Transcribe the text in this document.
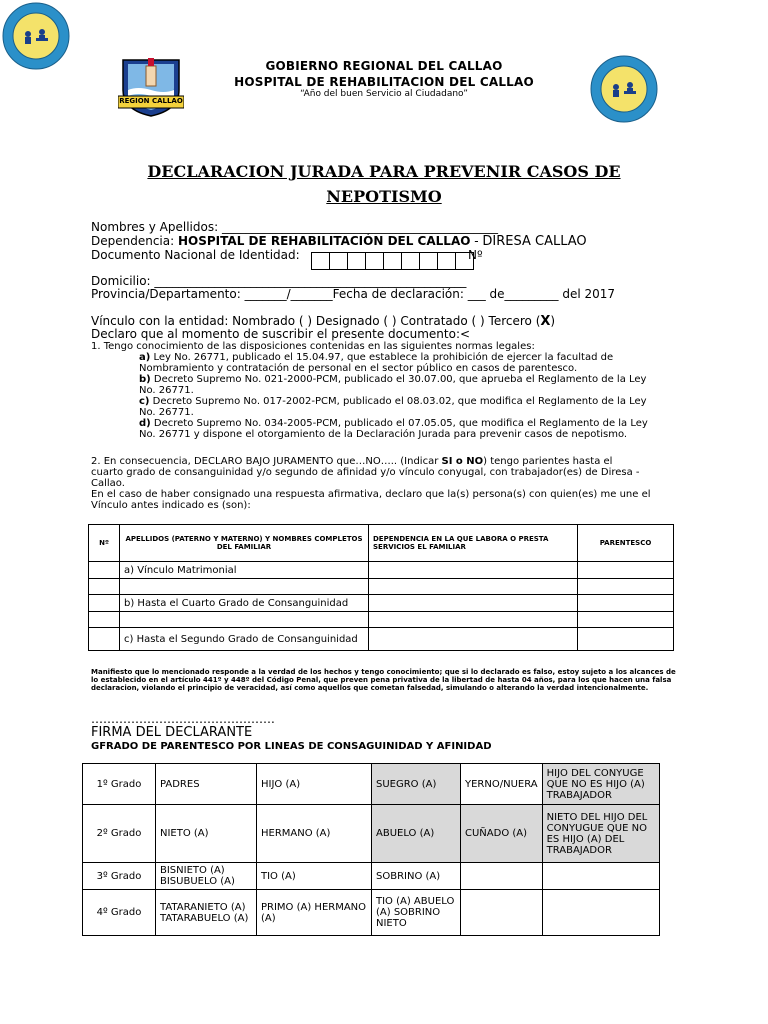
REGION CALLAO
GOBIERNO REGIONAL DEL CALLAO
HOSPITAL DE REHABILITACION DEL CALLAO
“Año del buen Servicio al Ciudadano”
DECLARACION JURADA PARA PREVENIR CASOS DE
NEPOTISMO
Nombres y Apellidos: ______________________________________________
Dependencia: HOSPITAL DE REHABILITACIÓN DEL CALLAO - DIRESA CALLAO
Documento Nacional de Identidad:	Nº
Domicilio: ____________________________________________________
Provincia/Departamento: _______/_______Fecha de declaración: ___ de_________ del 2017
Vínculo con la entidad: Nombrado ( ) Designado ( ) Contratado ( ) Tercero (X)
Declaro que al momento de suscribir el presente documento:<
1. Tengo conocimiento de las disposiciones contenidas en las siguientes normas legales:
a) Ley No. 26771, publicado el 15.04.97, que establece la prohibición de ejercer la facultad de
Nombramiento y contratación de personal en el sector público en casos de parentesco.
b) Decreto Supremo No. 021-2000-PCM, publicado el 30.07.00, que aprueba el Reglamento de la Ley
No. 26771.
c) Decreto Supremo No. 017-2002-PCM, publicado el 08.03.02, que modifica el Reglamento de la Ley
No. 26771.
d) Decreto Supremo No. 034-2005-PCM, publicado el 07.05.05, que modifica el Reglamento de la Ley
No. 26771 y dispone el otorgamiento de la Declaración Jurada para prevenir casos de nepotismo.
2. En consecuencia, DECLARO BAJO JURAMENTO que…NO….. (Indicar SI o NO) tengo parientes hasta el
cuarto grado de consanguinidad y/o segundo de afinidad y/o vínculo conyugal, con trabajador(es) de Diresa -
Callao.
En el caso de haber consignado una respuesta afirmativa, declaro que la(s) persona(s) con quien(es) me une el
Vínculo antes indicado es (son):
Nº	APELLIDOS (PATERNO Y MATERNO) Y NOMBRES COMPLETOS DEL FAMILIAR	DEPENDENCIA EN LA QUE LABORA O PRESTA SERVICIOS EL FAMILIAR	PARENTESCO
	a) Vínculo Matrimonial		

	b) Hasta el Cuarto Grado de Consanguinidad		

	c) Hasta el Segundo Grado de Consanguinidad		
Manifiesto que lo mencionado responde a la verdad de los hechos y tengo conocimiento; que si lo declarado es falso, estoy sujeto a los alcances de lo establecido en el artículo 441º y 448º del Código Penal, que preven pena privativa de la libertad de hasta 04 años, para los que hacen una falsa declaracion, violando el principio de veracidad, así como aquellos que cometan falsedad, simulando o alterando la verdad intencionalmente.
……………………………………….
FIRMA DEL DECLARANTE
GFRADO DE PARENTESCO POR LINEAS DE CONSAGUINIDAD Y AFINIDAD
1º Grado	PADRES	HIJO (A)	SUEGRO (A)	YERNO/NUERA	HIJO DEL CONYUGE QUE NO ES HIJO (A) TRABAJADOR
2º Grado	NIETO (A)	HERMANO (A)	ABUELO (A)	CUÑADO (A)	NIETO DEL HIJO DEL CONYUGUE QUE NO ES HIJO (A) DEL TRABAJADOR
3º Grado	BISNIETO (A) BISUBUELO (A)	TIO (A)	SOBRINO (A)		
4º Grado	TATARANIETO (A) TATARABUELO (A)	PRIMO (A) HERMANO (A)	TIO (A) ABUELO (A) SOBRINO NIETO		
